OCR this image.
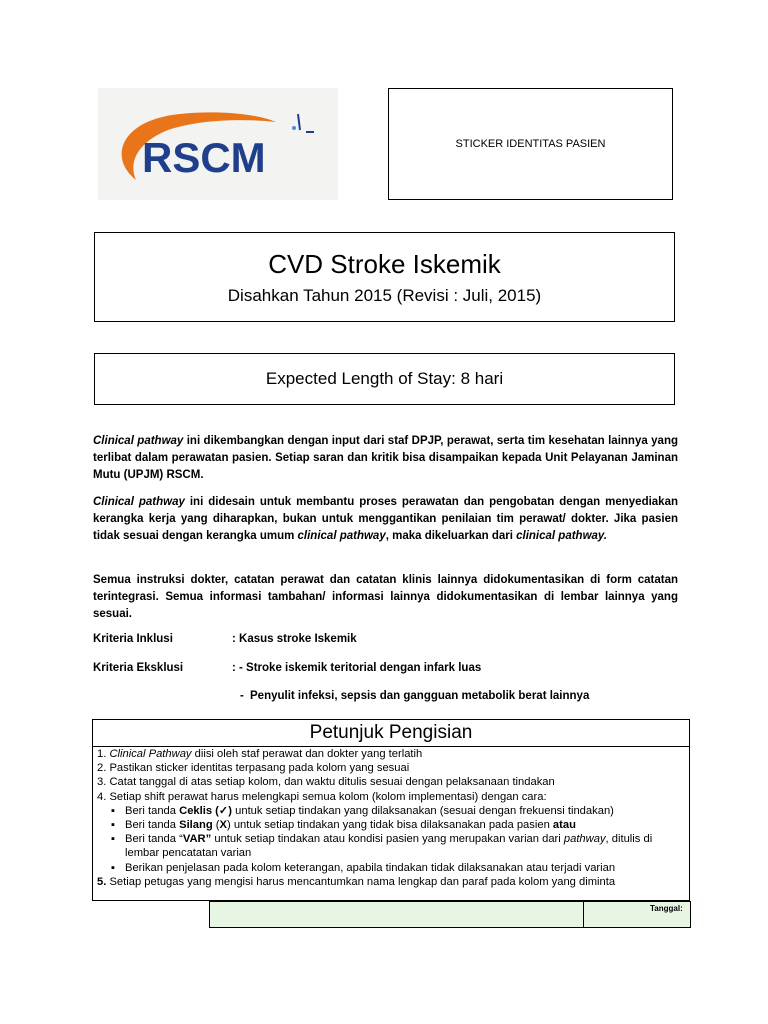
RSCM	STICKER IDENTITAS PASIEN
CVD Stroke Iskemik
Disahkan Tahun 2015 (Revisi : Juli, 2015)
Expected Length of Stay: 8 hari
Clinical pathway ini dikembangkan dengan input dari staf DPJP, perawat, serta tim kesehatan lainnya yang terlibat dalam perawatan pasien. Setiap saran dan kritik bisa disampaikan kepada Unit Pelayanan Jaminan Mutu (UPJM) RSCM.
Clinical pathway ini didesain untuk membantu proses perawatan dan pengobatan dengan menyediakan kerangka kerja yang diharapkan, bukan untuk menggantikan penilaian tim perawat/ dokter. Jika pasien tidak sesuai dengan kerangka umum clinical pathway, maka dikeluarkan dari clinical pathway.
Semua instruksi dokter, catatan perawat dan catatan klinis lainnya didokumentasikan di form catatan terintegrasi. Semua informasi tambahan/ informasi lainnya didokumentasikan di lembar lainnya yang sesuai.
Kriteria Inklusi	: Kasus stroke Iskemik
Kriteria Eksklusi	: - Stroke iskemik teritorial dengan infark luas
- Penyulit infeksi, sepsis dan gangguan metabolik berat lainnya
Petunjuk Pengisian
1. Clinical Pathway diisi oleh staf perawat dan dokter yang terlatih
2. Pastikan sticker identitas terpasang pada kolom yang sesuai
3. Catat tanggal di atas setiap kolom, dan waktu ditulis sesuai dengan pelaksanaan tindakan
4. Setiap shift perawat harus melengkapi semua kolom (kolom implementasi) dengan cara:
▪ Beri tanda Ceklis (✓) untuk setiap tindakan yang dilaksanakan (sesuai dengan frekuensi tindakan)
▪ Beri tanda Silang (X) untuk setiap tindakan yang tidak bisa dilaksanakan pada pasien atau
▪ Beri tanda “VAR” untuk setiap tindakan atau kondisi pasien yang merupakan varian dari pathway, ditulis di lembar pencatatan varian
▪ Berikan penjelasan pada kolom keterangan, apabila tindakan tidak dilaksanakan atau terjadi varian
5. Setiap petugas yang mengisi harus mencantumkan nama lengkap dan paraf pada kolom yang diminta
Tanggal:
